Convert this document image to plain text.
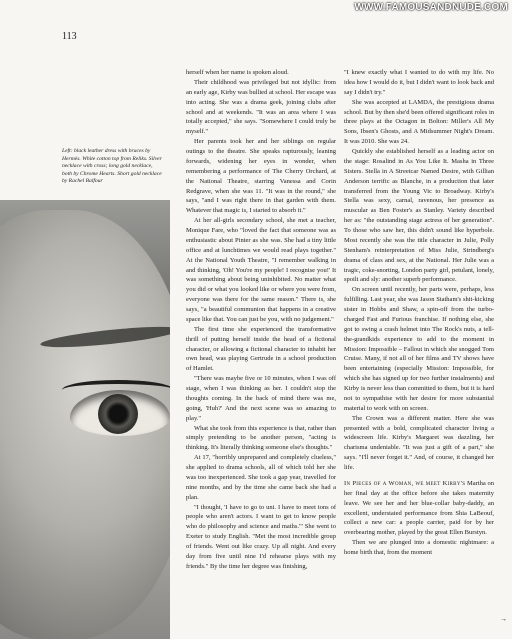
WWW.FAMOUSANDNUDE.COM
113
Left: black leather dress with braces by Hermès. White cotton top from Reliks. Silver necklace with cross; long gold necklace, both by Chrome Hearts. Short gold necklace by Rachel Balfour

herself when her name is spoken aloud.

Their childhood was privileged but not idyllic: from an early age, Kirby was bullied at school. Her escape was into acting. She was a drama geek, joining clubs after school and at weekends. "It was an area where I was totally accepted," she says. "Somewhere I could truly be myself."

Her parents took her and her siblings on regular outings to the theatre. She speaks rapturously, leaning forwards, widening her eyes in wonder, when remembering a performance of The Cherry Orchard, at the National Theatre, starring Vanessa and Corin Redgrave, when she was 11. "It was in the round," she says, "and I was right there in that garden with them. Whatever that magic is, I started to absorb it."

At her all-girls secondary school, she met a teacher, Monique Fare, who "loved the fact that someone was as enthusiastic about Pinter as she was. She had a tiny little office and at lunchtimes we would read plays together." At the National Youth Theatre, "I remember walking in and thinking, 'Oh! You're my people! I recognise you!' It was something about being uninhibited. No matter what you did or what you looked like or where you were from, everyone was there for the same reason." There is, she says, "a beautiful communion that happens in a creative space like that. You can just be you, with no judgement."

The first time she experienced the transformative thrill of putting herself inside the head of a fictional character, or allowing a fictional character to inhabit her own head, was playing Gertrude in a school production of Hamlet.

"There was maybe five or 10 minutes, when I was off stage, when I was thinking as her. I couldn't stop the thoughts coming. In the back of mind there was me, going, 'Huh?' And the next scene was so amazing to play."

What she took from this experience is that, rather than simply pretending to be another person, "acting is thinking. It's literally thinking someone else's thoughts."

At 17, "horribly unprepared and completely clueless," she applied to drama schools, all of which told her she was too inexperienced. She took a gap year, travelled for nine months, and by the time she came back she had a plan.

"I thought, 'I have to go to uni. I have to meet tons of people who aren't actors. I want to get to know people who do philosophy and science and maths.'" She went to Exeter to study English. "Met the most incredible group of friends. Went out like crazy. Up all night. And every day from five until nine I'd rehearse plays with my friends." By the time her degree was finishing,

"I knew exactly what I wanted to do with my life. No idea how I would do it, but I didn't want to look back and say I didn't try."

She was accepted at LAMDA, the prestigious drama school. But by then she'd been offered significant roles in three plays at the Octagon in Bolton: Miller's All My Sons, Ibsen's Ghosts, and A Midsummer Night's Dream. It was 2010. She was 24.

Quickly she established herself as a leading actor on the stage: Rosalind in As You Like It. Masha in Three Sisters. Stella in A Streetcar Named Desire, with Gillian Anderson terrific as Blanche, in a production that later transferred from the Young Vic to Broadway. Kirby's Stella was sexy, carnal, ravenous, her presence as muscular as Ben Foster's as Stanley. Variety described her as: "the outstanding stage actress of her generation". To those who saw her, this didn't sound like hyperbole. Most recently she was the title character in Julie, Polly Stenham's reinterpretation of Miss Julie, Strindberg's drama of class and sex, at the National. Her Julie was a tragic, coke-snorting, London party girl, petulant, lonely, spoilt and sly: another superb performance.

On screen until recently, her parts were, perhaps, less fulfilling. Last year, she was Jason Statham's shit-kicking sister in Hobbs and Shaw, a spin-off from the turbo-charged Fast and Furious franchise. If nothing else, she got to swing a crash helmet into The Rock's nuts, a tell-the-grandkids experience to add to the moment in Mission: Impossible – Fallout in which she snogged Tom Cruise. Many, if not all of her films and TV shows have been entertaining (especially Mission: Impossible, for which she has signed up for two further instalments) and Kirby is never less than committed to them, but it is hard not to sympathise with her desire for more substantial material to work with on screen.

The Crown was a different matter. Here she was presented with a bold, complicated character living a widescreen life. Kirby's Margaret was dazzling, her charisma undeniable. "It was just a gift of a part," she says. "I'll never forget it." And, of course, it changed her life.

In Pieces of a Woman, we meet Kirby's Martha on her final day at the office before she takes maternity leave. We see her and her blue-collar baby-daddy, an excellent, understated performance from Shia LaBeouf, collect a new car: a people carrier, paid for by her overbearing mother, played by the great Ellen Burstyn.

Then we are plunged into a domestic nightmare: a home birth that, from the moment

→
